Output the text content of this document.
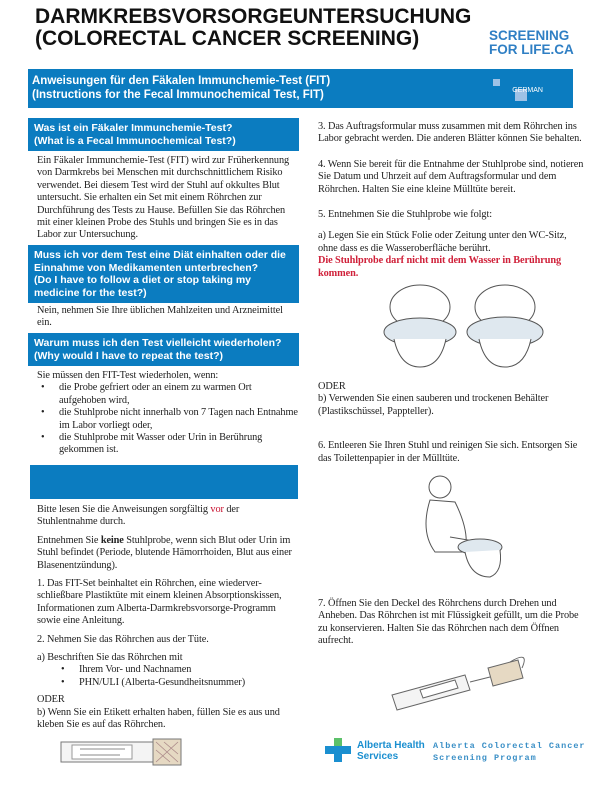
DARMKREBSVORSORGEUNTERSUCHUNG
(COLORECTAL CANCER SCREENING)	SCREENING
FOR LIFE.CA
Anweisungen für den Fäkalen Immunchemie-Test (FIT)
(Instructions for the Fecal Immunochemical Test, FIT)	GERMAN
Was ist ein Fäkaler Immunchemie-Test?
(What is a Fecal Immunochemical Test?)
Ein Fäkaler Immunchemie-Test (FIT) wird zur Früherkennung von Darmkrebs bei Menschen mit durchschnittlichem Risiko verwendet. Bei diesem Test wird der Stuhl auf okkultes Blut untersucht. Sie erhalten ein Set mit einem Röhrchen zur Durchführung des Tests zu Hause. Befüllen Sie das Röhrchen mit einer kleinen Probe des Stuhls und bringen Sie es in das Labor zur Untersuchung.
Muss ich vor dem Test eine Diät einhalten oder die Einnahme von Medikamenten unterbrechen?
(Do I have to follow a diet or stop taking my medicine for the test?)
Nein, nehmen Sie Ihre üblichen Mahlzeiten und Arzneimittel ein.
Warum muss ich den Test vielleicht wiederholen?
(Why would I have to repeat the test?)
Sie müssen den FIT-Test wiederholen, wenn:
• die Probe gefriert oder an einem zu warmen Ort aufgehoben wird,
• die Stuhlprobe nicht innerhalb von 7 Tagen nach Entnahme im Labor vorliegt oder,
• die Stuhlprobe mit Wasser oder Urin in Berührung gekommen ist.
Bitte lesen Sie die Anweisungen sorgfältig vor der Stuhlentnahme durch.
Entnehmen Sie keine Stuhlprobe, wenn sich Blut oder Urin im Stuhl befindet (Periode, blutende Hämorrhoiden, Blut aus einer Blasenentzündung).
1. Das FIT-Set beinhaltet ein Röhrchen, eine wiederver-schließbare Plastiktüte mit einem kleinen Absorptionskissen, Informationen zum Alberta-Darmkrebsvorsorge-Programm sowie eine Anleitung.
2. Nehmen Sie das Röhrchen aus der Tüte.
a) Beschriften Sie das Röhrchen mit
• Ihrem Vor- und Nachnamen
• PHN/ULI (Alberta-Gesundheitsnummer)
ODER
b) Wenn Sie ein Etikett erhalten haben, füllen Sie es aus und kleben Sie es auf das Röhrchen.
3. Das Auftragsformular muss zusammen mit dem Röhrchen ins Labor gebracht werden. Die anderen Blätter können Sie behalten.
4. Wenn Sie bereit für die Entnahme der Stuhlprobe sind, notieren Sie Datum und Uhrzeit auf dem Auftragsformular und dem Röhrchen. Halten Sie eine kleine Mülltüte bereit.
5. Entnehmen Sie die Stuhlprobe wie folgt:
a) Legen Sie ein Stück Folie oder Zeitung unter den WC-Sitz, ohne dass es die Wasseroberfläche berührt.
Die Stuhlprobe darf nicht mit dem Wasser in Berührung kommen.
ODER
b) Verwenden Sie einen sauberen und trockenen Behälter (Plastikschüssel, Pappteller).
6. Entleeren Sie Ihren Stuhl und reinigen Sie sich. Entsorgen Sie das Toilettenpapier in der Mülltüte.
7. Öffnen Sie den Deckel des Röhrchens durch Drehen und Anheben. Das Röhrchen ist mit Flüssigkeit gefüllt, um die Probe zu konservieren. Halten Sie das Röhrchen nach dem Öffnen aufrecht.
Alberta Health
Services
Alberta Colorectal Cancer
Screening Program
